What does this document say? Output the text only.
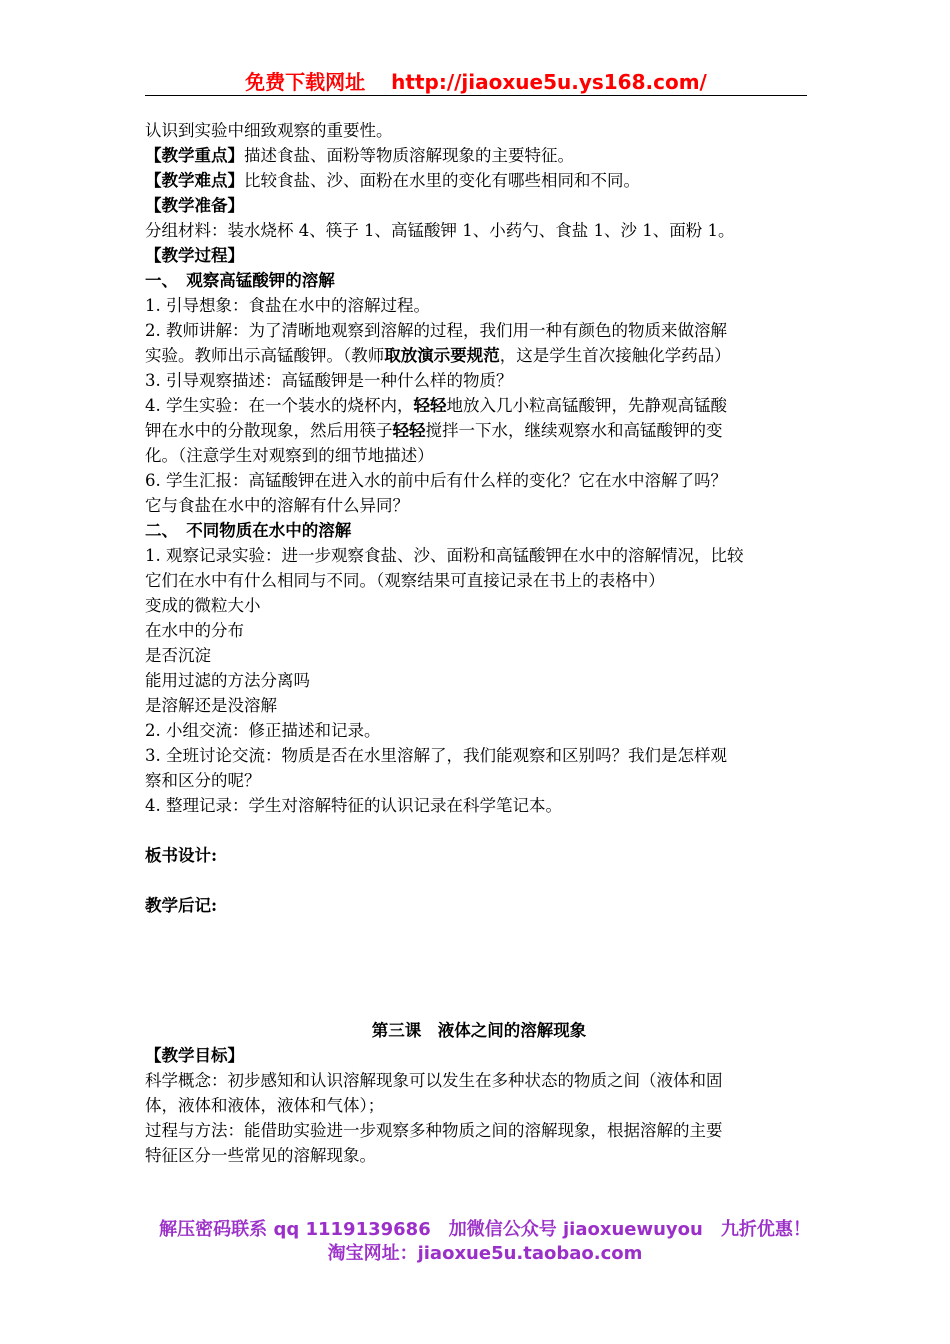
免费下载网址 http://jiaoxue5u.ys168.com/
认识到实验中细致观察的重要性。
【教学重点】描述食盐、面粉等物质溶解现象的主要特征。
【教学难点】比较食盐、沙、面粉在水里的变化有哪些相同和不同。
【教学准备】
分组材料：装水烧杯 4、筷子 1、高锰酸钾 1、小药勺、食盐 1、沙 1、面粉 1。
【教学过程】
一、　观察高锰酸钾的溶解
1. 引导想象：食盐在水中的溶解过程。
2. 教师讲解：为了清晰地观察到溶解的过程，我们用一种有颜色的物质来做溶解
实验。教师出示高锰酸钾。（教师取放演示要规范，这是学生首次接触化学药品）
3. 引导观察描述：高锰酸钾是一种什么样的物质？
4. 学生实验：在一个装水的烧杯内，轻轻地放入几小粒高锰酸钾，先静观高锰酸
钾在水中的分散现象，然后用筷子轻轻搅拌一下水，继续观察水和高锰酸钾的变
化。（注意学生对观察到的细节地描述）
6. 学生汇报：高锰酸钾在进入水的前中后有什么样的变化？它在水中溶解了吗？
它与食盐在水中的溶解有什么异同？
二、　不同物质在水中的溶解
1. 观察记录实验：进一步观察食盐、沙、面粉和高锰酸钾在水中的溶解情况，比较
它们在水中有什么相同与不同。（观察结果可直接记录在书上的表格中）
变成的微粒大小
在水中的分布
是否沉淀
能用过滤的方法分离吗
是溶解还是没溶解
2. 小组交流：修正描述和记录。
3. 全班讨论交流：物质是否在水里溶解了，我们能观察和区别吗？我们是怎样观
察和区分的呢？
4. 整理记录：学生对溶解特征的认识记录在科学笔记本。
板书设计:
教学后记:
第三课　液体之间的溶解现象
【教学目标】
科学概念：初步感知和认识溶解现象可以发生在多种状态的物质之间（液体和固
体，液体和液体，液体和气体）；
过程与方法：能借助实验进一步观察多种物质之间的溶解现象，根据溶解的主要
特征区分一些常见的溶解现象。
解压密码联系 qq 1119139686　加微信公众号 jiaoxuewuyou　九折优惠！
淘宝网址：jiaoxue5u.taobao.com
